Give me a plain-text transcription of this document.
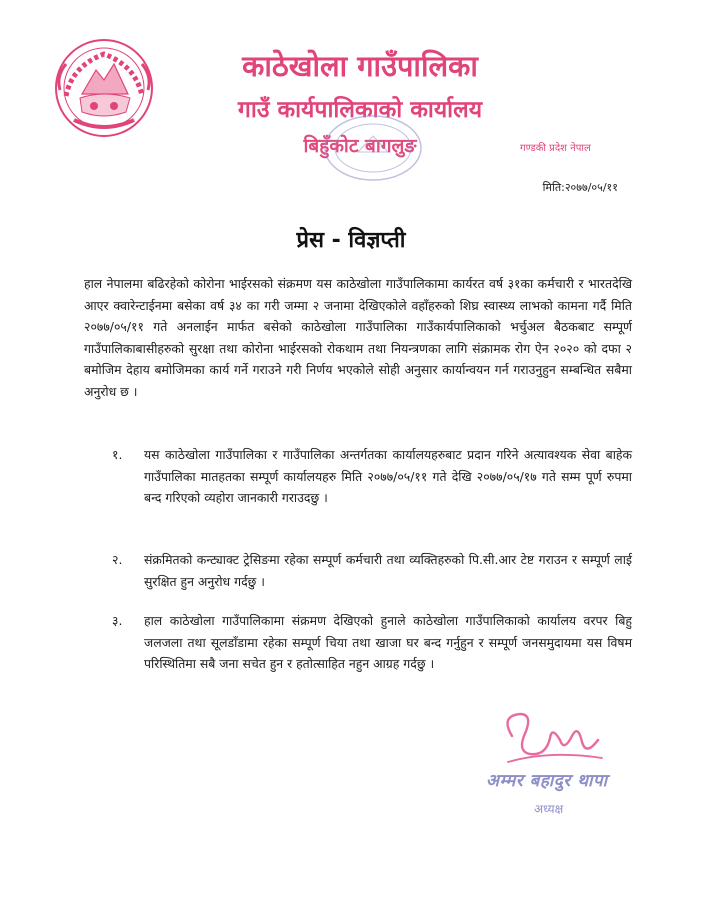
काठेखोला गाउँपालिका
गाउँ कार्यपालिकाको कार्यालय
बिहुँकोट बागलुङ	गण्डकी प्रदेश नेपाल
मिति:२०७७/०५/११
प्रेस - विज्ञप्ती
हाल नेपालमा बढिरहेको कोरोना भाईरसको संक्रमण यस काठेखोला गाउँपालिकामा कार्यरत वर्ष ३१का कर्मचारी र भारतदेखि आएर क्वारेन्टाईनमा बसेका वर्ष ३४ का गरी जम्मा २ जनामा देखिएकोले वहाँहरुको शिघ्र स्वास्थ्य लाभको कामना गर्दै मिति २०७७/०५/११ गते अनलाईन मार्फत बसेको काठेखोला गाउँपालिका गाउँकार्यपालिकाको भर्चुअल बैठकबाट सम्पूर्ण गाउँपालिकाबासीहरुको सुरक्षा तथा कोरोना भाईरसको रोकथाम तथा नियन्त्रणका लागि संक्रामक रोग ऐन २०२० को दफा २ बमोजिम देहाय बमोजिमका कार्य गर्ने गराउने गरी निर्णय भएकोले सोही अनुसार कार्यान्वयन गर्न गराउनुहुन सम्बन्धित सबैमा अनुरोध छ ।
१.	यस काठेखोला गाउँपालिका र गाउँपालिका अन्तर्गतका कार्यालयहरुबाट प्रदान गरिने अत्यावश्यक सेवा बाहेक गाउँपालिका मातहतका सम्पूर्ण कार्यालयहरु मिति २०७७/०५/११ गते देखि २०७७/०५/१७ गते सम्म पूर्ण रुपमा बन्द गरिएको व्यहोरा जानकारी गराउदछु ।
२.	संक्रमितको कन्ट्याक्ट ट्रेसिङमा रहेका सम्पूर्ण कर्मचारी तथा व्यक्तिहरुको पि.सी.आर टेष्ट गराउन र सम्पूर्ण लाई सुरक्षित हुन अनुरोध गर्दछु ।
३.	हाल काठेखोला गाउँपालिकामा संक्रमण देखिएको हुनाले काठेखोला गाउँपालिकाको कार्यालय वरपर बिहु जलजला तथा सूलडाँडामा रहेका सम्पूर्ण चिया तथा खाजा घर बन्द गर्नुहुन र सम्पूर्ण जनसमुदायमा यस विषम परिस्थितिमा सबै जना सचेत हुन र हतोत्साहित नहुन आग्रह गर्दछु ।
अम्मर बहादुर थापा
अध्यक्ष
